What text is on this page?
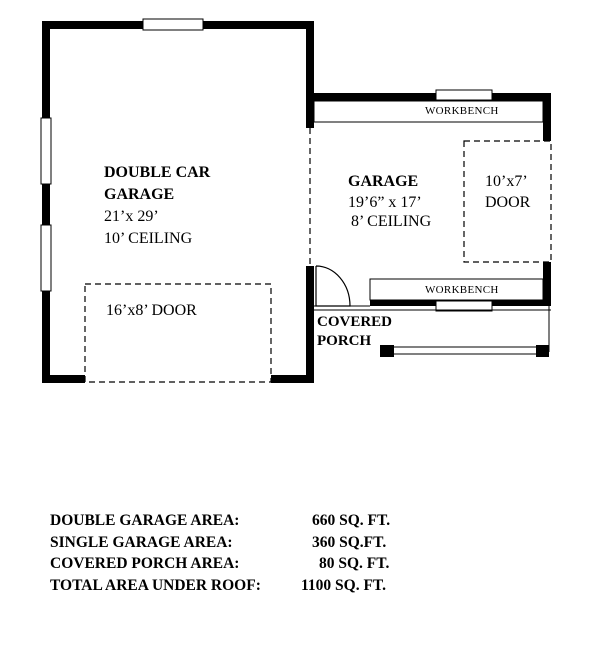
DOUBLE CAR
GARAGE
21’x 29’
10’ CEILING
16’x8’ DOOR
GARAGE
19’6” x 17’
8’ CEILING
10’x7’
DOOR
WORKBENCH
WORKBENCH
COVERED
PORCH
DOUBLE GARAGE AREA:	660 SQ. FT.
SINGLE GARAGE AREA:	360 SQ.FT.
COVERED PORCH AREA:	80 SQ. FT.
TOTAL AREA UNDER ROOF:	1100 SQ. FT.
